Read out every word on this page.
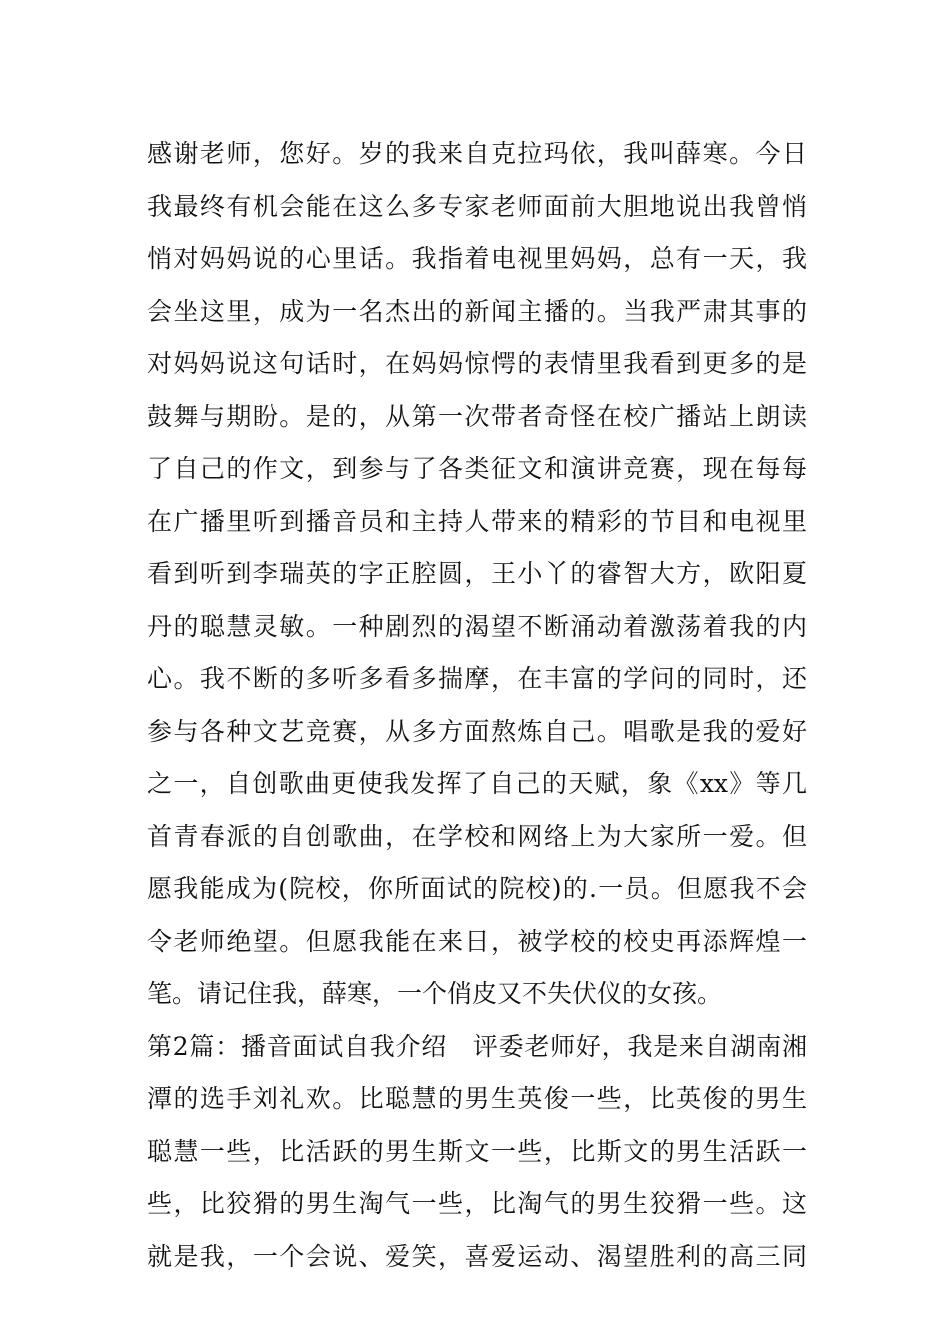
感谢老师，您好。岁的我来自克拉玛依，我叫薛寒。今日
我最终有机会能在这么多专家老师面前大胆地说出我曾悄
悄对妈妈说的心里话。我指着电视里妈妈，总有一天，我
会坐这里，成为一名杰出的新闻主播的。当我严肃其事的
对妈妈说这句话时，在妈妈惊愕的表情里我看到更多的是
鼓舞与期盼。是的，从第一次带者奇怪在校广播站上朗读
了自己的作文，到参与了各类征文和演讲竞赛，现在每每
在广播里听到播音员和主持人带来的精彩的节目和电视里
看到听到李瑞英的字正腔圆，王小丫的睿智大方，欧阳夏
丹的聪慧灵敏。一种剧烈的渴望不断涌动着激荡着我的内
心。我不断的多听多看多揣摩，在丰富的学问的同时，还
参与各种文艺竞赛，从多方面熬炼自己。唱歌是我的爱好
之一，自创歌曲更使我发挥了自己的天赋，象《xx》等几
首青春派的自创歌曲，在学校和网络上为大家所一爱。但
愿我能成为(院校，你所面试的院校)的.一员。但愿我不会
令老师绝望。但愿我能在来日，被学校的校史再添辉煌一
笔。请记住我，薛寒，一个俏皮又不失伏仪的女孩。
第2篇：播音面试自我介绍　评委老师好，我是来自湖南湘
潭的选手刘礼欢。比聪慧的男生英俊一些，比英俊的男生
聪慧一些，比活跃的男生斯文一些，比斯文的男生活跃一
些，比狡猾的男生淘气一些，比淘气的男生狡猾一些。这
就是我，一个会说、爱笑，喜爱运动、渴望胜利的高三同
